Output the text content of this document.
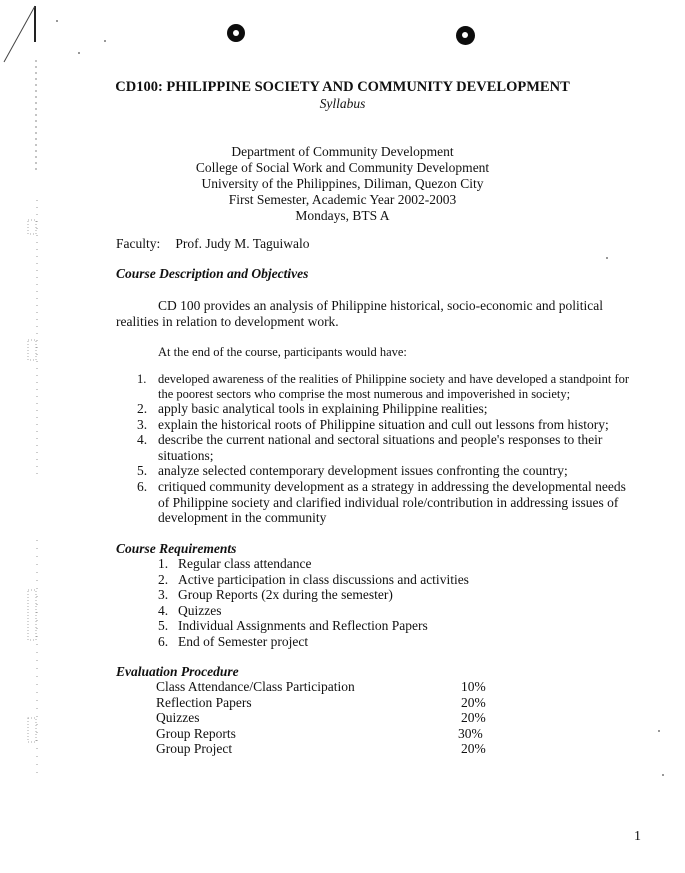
CD100: PHILIPPINE SOCIETY AND COMMUNITY DEVELOPMENT
Syllabus
Department of Community Development
College of Social Work and Community Development
University of the Philippines, Diliman, Quezon City
First Semester, Academic Year 2002-2003
Mondays, BTS A
Faculty: Prof. Judy M. Taguiwalo
Course Description and Objectives
CD 100 provides an analysis of Philippine historical, socio-economic and political realities in relation to development work.
At the end of the course, participants would have:
1. developed awareness of the realities of Philippine society and have developed a standpoint for the poorest sectors who comprise the most numerous and impoverished in society;
2. apply basic analytical tools in explaining Philippine realities;
3. explain the historical roots of Philippine situation and cull out lessons from history;
4. describe the current national and sectoral situations and people's responses to their situations;
5. analyze selected contemporary development issues confronting the country;
6. critiqued community development as a strategy in addressing the developmental needs of Philippine society and clarified individual role/contribution in addressing issues of development in the community
Course Requirements
1. Regular class attendance
2. Active participation in class discussions and activities
3. Group Reports (2x during the semester)
4. Quizzes
5. Individual Assignments and Reflection Papers
6. End of Semester project
Evaluation Procedure
Class Attendance/Class Participation	10%
Reflection Papers	20%
Quizzes	20%
Group Reports	30%
Group Project	20%
1
